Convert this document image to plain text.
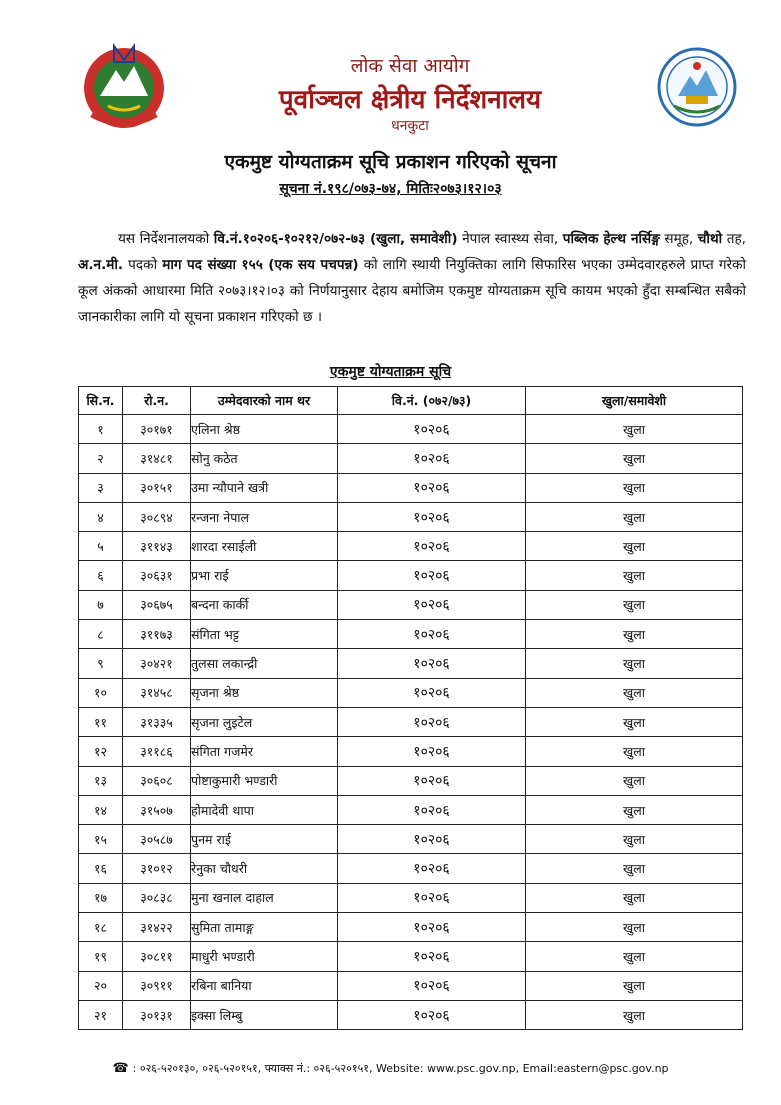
लोक सेवा आयोग
पूर्वाञ्चल क्षेत्रीय निर्देशनालय
धनकुटा
एकमुष्ट योग्यताक्रम सूचि प्रकाशन गरिएको सूचना
सूचना नं.१९८/०७३-७४, मितिः२०७३।१२।०३
यस निर्देशनालयको वि.नं.१०२०६-१०२१२/०७२-७३ (खुला, समावेशी) नेपाल स्वास्थ्य सेवा, पब्लिक हेल्थ नर्सिङ्ग समूह, चौथो तह, अ.न.मी. पदको माग पद संख्या १५५ (एक सय पचपन्न) को लागि स्थायी नियुक्तिका लागि सिफारिस भएका उम्मेदवारहरुले प्राप्त गरेको कूल अंकको आधारमा मिति २०७३।१२।०३ को निर्णयानुसार देहाय बमोजिम एकमुष्ट योग्यताक्रम सूचि कायम भएको हुँदा सम्बन्धित सबैको जानकारीका लागि यो सूचना प्रकाशन गरिएको छ ।
एकमुष्ट योग्यताक्रम सूचि
सि.न.	रो.न.	उम्मेदवारको नाम थर	वि.नं. (०७२/७३)	खुला/समावेशी
१	३०१७१	एलिना श्रेष्ठ	१०२०६	खुला
२	३१४८१	सोनु कठेत	१०२०६	खुला
३	३०१५१	उमा न्यौपाने खत्री	१०२०६	खुला
४	३०८९४	रन्जना नेपाल	१०२०६	खुला
५	३११४३	शारदा रसाईली	१०२०६	खुला
६	३०६३१	प्रभा राई	१०२०६	खुला
७	३०६७५	बन्दना कार्की	१०२०६	खुला
८	३११७३	संगिता भट्ट	१०२०६	खुला
९	३०४२१	तुलसा लकान्द्री	१०२०६	खुला
१०	३१४५८	सृजना श्रेष्ठ	१०२०६	खुला
११	३१३३५	सृजना लुइटेल	१०२०६	खुला
१२	३११८६	संगिता गजमेर	१०२०६	खुला
१३	३०६०८	पोष्टाकुमारी भण्डारी	१०२०६	खुला
१४	३१५०७	होमादेवी थापा	१०२०६	खुला
१५	३०५८७	पुनम राई	१०२०६	खुला
१६	३१०१२	रेनुका चौधरी	१०२०६	खुला
१७	३०८३८	मुना खनाल दाहाल	१०२०६	खुला
१८	३१४२२	सुमिता तामाङ्ग	१०२०६	खुला
१९	३०८११	माधुरी भण्डारी	१०२०६	खुला
२०	३०९११	रबिना बानिया	१०२०६	खुला
२१	३०१३१	इक्सा लिम्बु	१०२०६	खुला
☎ : ०२६-५२०१३०, ०२६-५२०१५१, फ्याक्स नं.: ०२६-५२०१५१, Website: www.psc.gov.np, Email:eastern@psc.gov.np
